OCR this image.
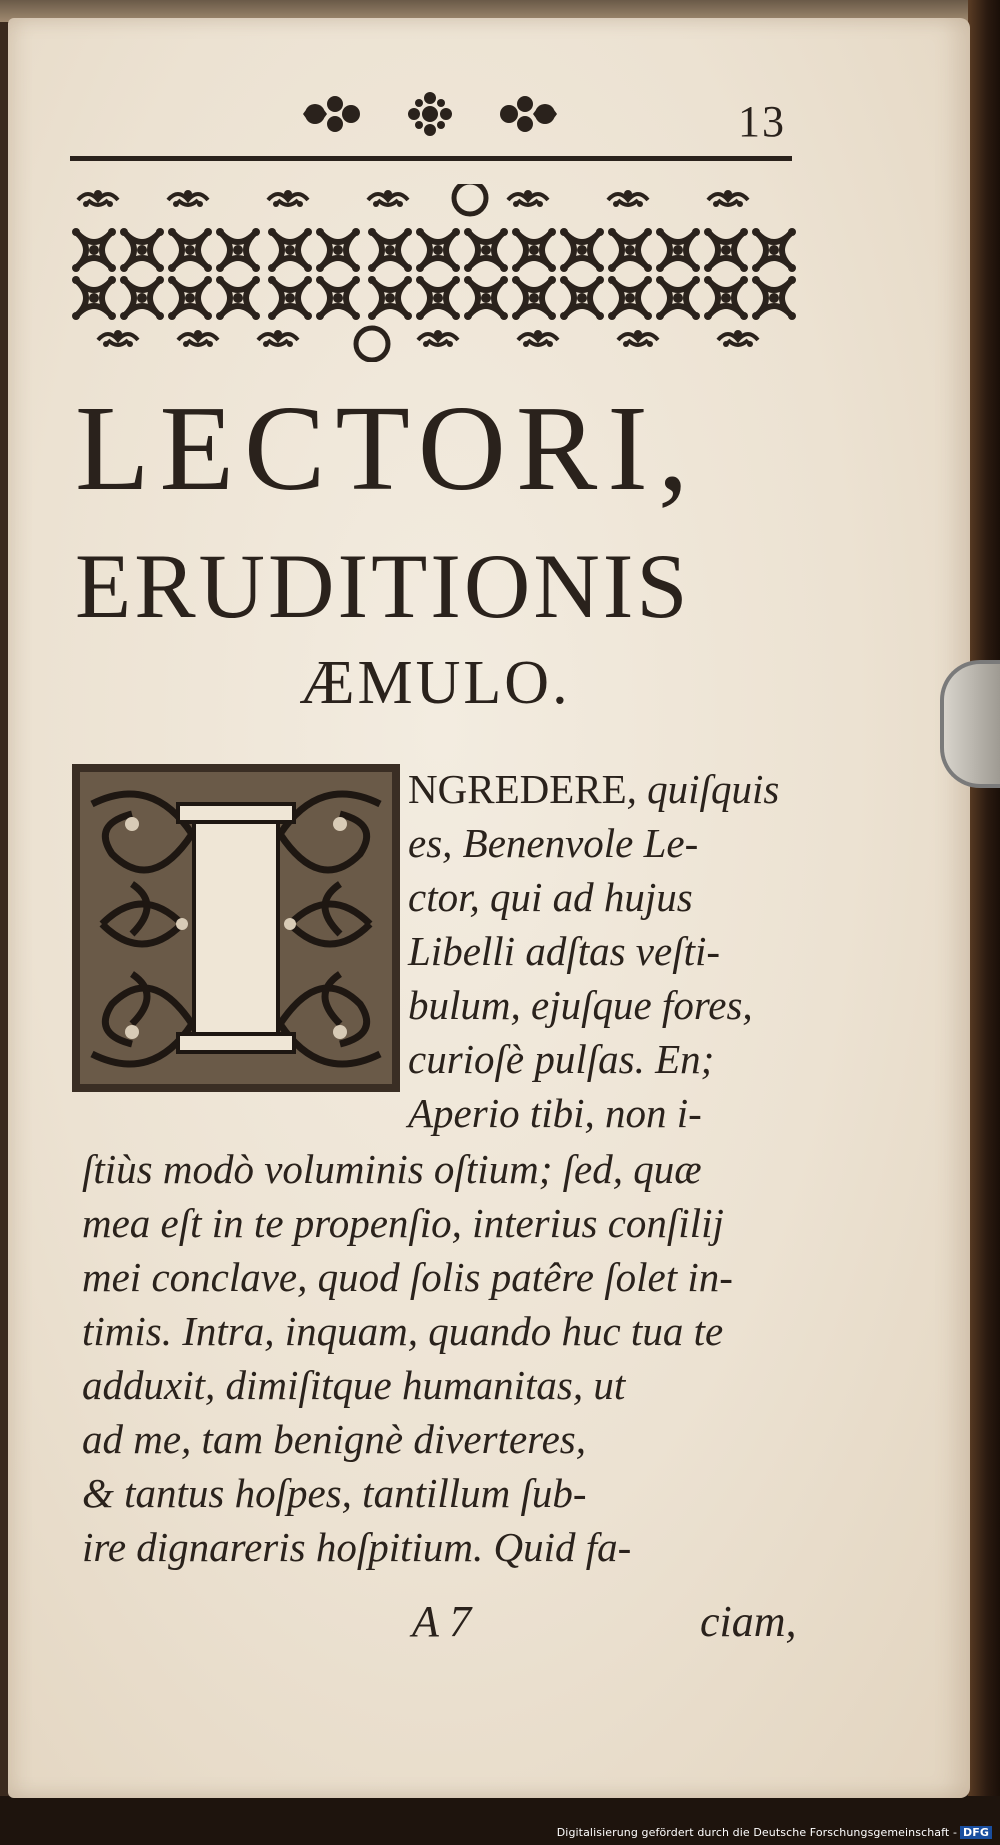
13
LECTORI,
ERUDITIONIS
ÆMULO.
NGREDERE, quiſquis
es, Benenvole Le-
ctor, qui ad hujus
Libelli adſtas veſti-
bulum, ejuſque fores,
curioſè pulſas. En;
Aperio tibi, non i-
ſtiùs modò voluminis oſtium; ſed, quæ
mea eſt in te propenſio, interius conſilij
mei conclave, quod ſolis patêre ſolet in-
timis. Intra, inquam, quando huc tua te
adduxit, dimiſitque humanitas, ut
ad me, tam benignè diverteres,
& tantus hoſpes, tantillum ſub-
ire dignareris hoſpitium. Quid fa-
A 7	ciam,
Digitalisierung gefördert durch die Deutsche Forschungsgemeinschaft - DFG
